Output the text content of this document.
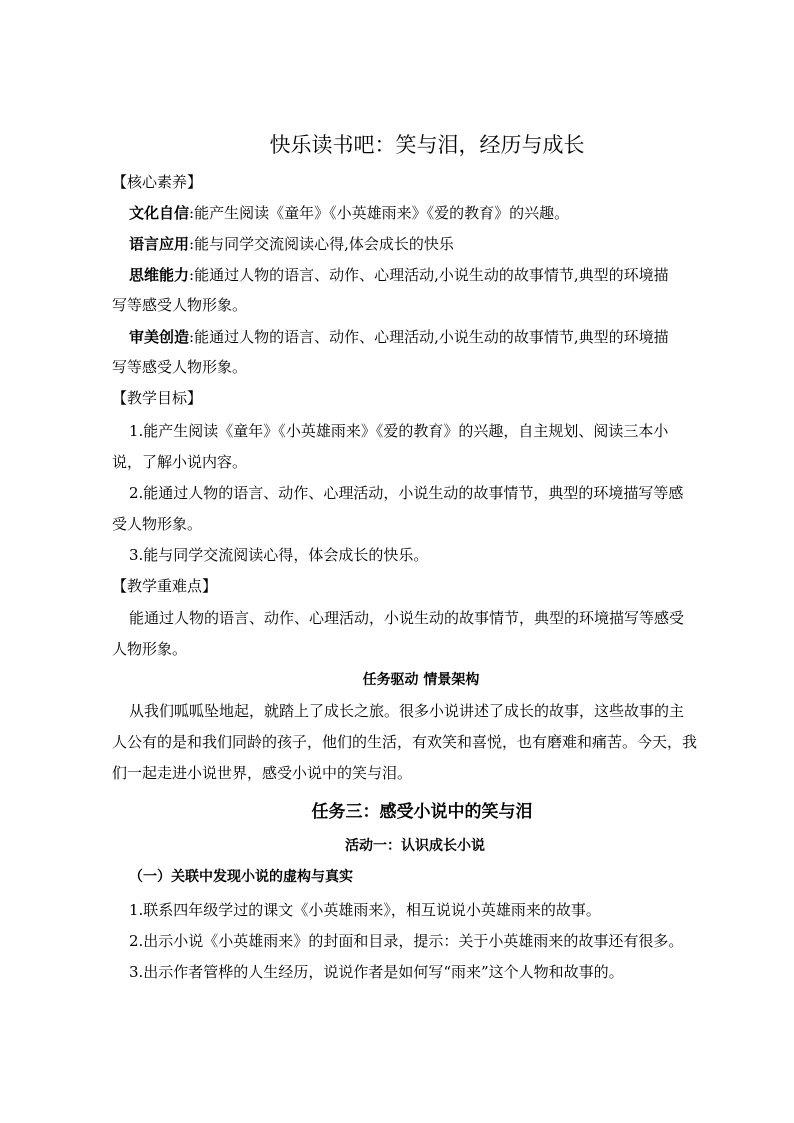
快乐读书吧：笑与泪，经历与成长
【核心素养】
文化自信:能产生阅读《童年》《小英雄雨来》《爱的教育》的兴趣。
语言应用:能与同学交流阅读心得,体会成长的快乐
思维能力:能通过人物的语言、动作、心理活动,小说生动的故事情节,典型的环境描
写等感受人物形象。
审美创造:能通过人物的语言、动作、心理活动,小说生动的故事情节,典型的环境描
写等感受人物形象。
【教学目标】
1.能产生阅读《童年》《小英雄雨来》《爱的教育》的兴趣，自主规划、阅读三本小
说，了解小说内容。
2.能通过人物的语言、动作、心理活动，小说生动的故事情节，典型的环境描写等感
受人物形象。
3.能与同学交流阅读心得，体会成长的快乐。
【教学重难点】
能通过人物的语言、动作、心理活动，小说生动的故事情节，典型的环境描写等感受
人物形象。
任务驱动 情景架构
从我们呱呱坠地起，就踏上了成长之旅。很多小说讲述了成长的故事，这些故事的主
人公有的是和我们同龄的孩子，他们的生活，有欢笑和喜悦，也有磨难和痛苦。今天，我
们一起走进小说世界，感受小说中的笑与泪。
任务三：感受小说中的笑与泪
活动一：认识成长小说
（一）关联中发现小说的虚构与真实
1.联系四年级学过的课文《小英雄雨来》，相互说说小英雄雨来的故事。
2.出示小说《小英雄雨来》的封面和目录，提示：关于小英雄雨来的故事还有很多。
3.出示作者管桦的人生经历，说说作者是如何写“雨来”这个人物和故事的。
